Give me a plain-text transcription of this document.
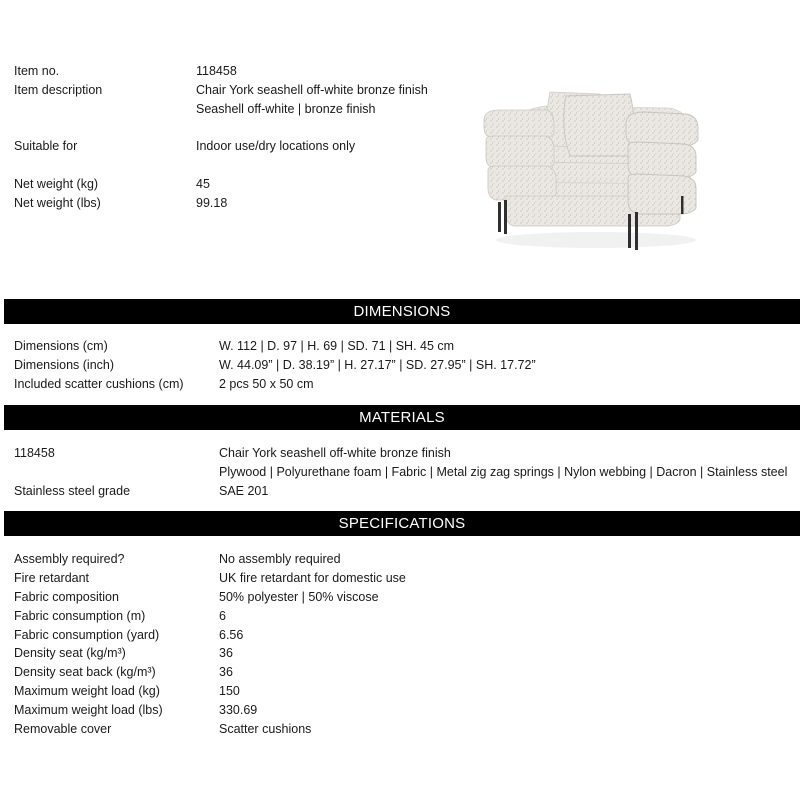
Item no.	118458
Item description	Chair York seashell off-white bronze finish
Seashell off-white | bronze finish
Suitable for	Indoor use/dry locations only
Net weight (kg)	45
Net weight (lbs)	99.18
DIMENSIONS
Dimensions (cm)	W. 112 | D. 97 | H. 69 | SD. 71 | SH. 45 cm
Dimensions (inch)	W. 44.09” | D. 38.19” | H. 27.17” | SD. 27.95” | SH. 17.72”
Included scatter cushions (cm)	2 pcs 50 x 50 cm
MATERIALS
118458	Chair York seashell off-white bronze finish
Plywood | Polyurethane foam | Fabric | Metal zig zag springs | Nylon webbing | Dacron | Stainless steel
Stainless steel grade	SAE 201
SPECIFICATIONS
Assembly required?	No assembly required
Fire retardant	UK fire retardant for domestic use
Fabric composition	50% polyester | 50% viscose
Fabric consumption (m)	6
Fabric consumption (yard)	6.56
Density seat (kg/m³)	36
Density seat back (kg/m³)	36
Maximum weight load (kg)	150
Maximum weight load (lbs)	330.69
Removable cover	Scatter cushions
